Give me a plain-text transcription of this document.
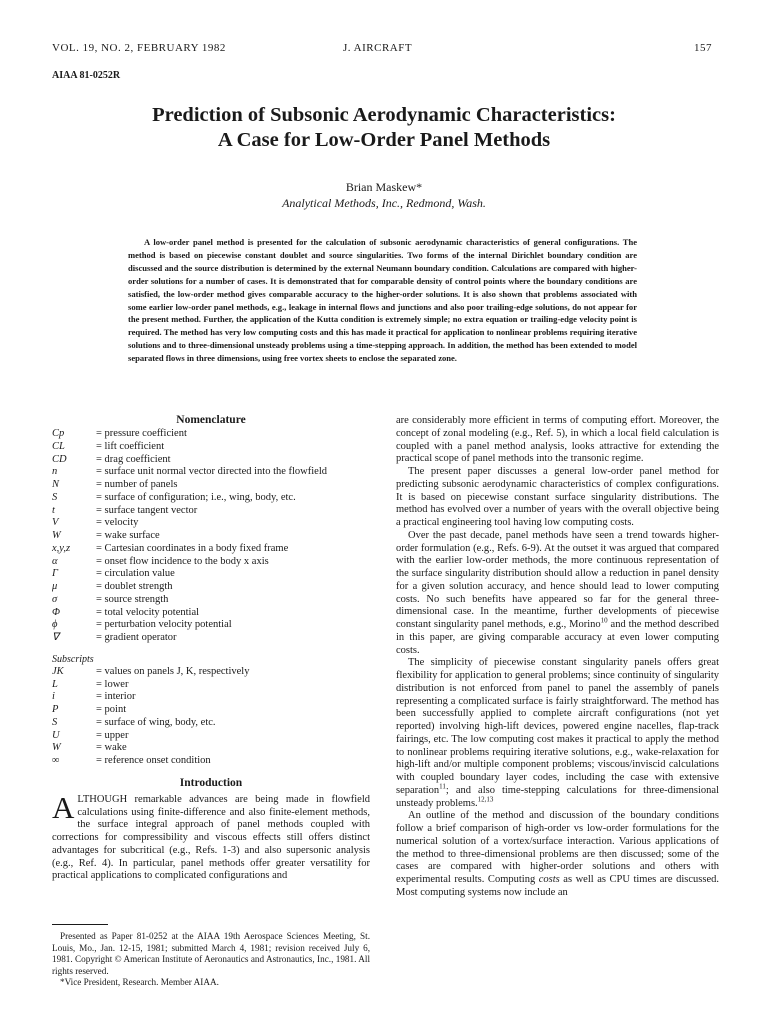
VOL. 19, NO. 2, FEBRUARY 1982	J. AIRCRAFT	157
AIAA 81-0252R
Prediction of Subsonic Aerodynamic Characteristics:
A Case for Low-Order Panel Methods
Brian Maskew*
Analytical Methods, Inc., Redmond, Wash.
A low-order panel method is presented for the calculation of subsonic aerodynamic characteristics of general configurations. The method is based on piecewise constant doublet and source singularities. Two forms of the internal Dirichlet boundary condition are discussed and the source distribution is determined by the external Neumann boundary condition. Calculations are compared with higher-order solutions for a number of cases. It is demonstrated that for comparable density of control points where the boundary conditions are satisfied, the low-order method gives comparable accuracy to the higher-order solutions. It is also shown that problems associated with some earlier low-order panel methods, e.g., leakage in internal flows and junctions and also poor trailing-edge solutions, do not appear for the present method. Further, the application of the Kutta condition is extremely simple; no extra equation or trailing-edge velocity point is required. The method has very low computing costs and this has made it practical for application to nonlinear problems requiring iterative solutions and to three-dimensional unsteady problems using a time-stepping approach. In addition, the method has been extended to model separated flows in three dimensions, using free vortex sheets to enclose the separated zone.
Nomenclature
Cp	= pressure coefficient
CL	= lift coefficient
CD	= drag coefficient
n	= surface unit normal vector directed into the flowfield
N	= number of panels
S	= surface of configuration; i.e., wing, body, etc.
t	= surface tangent vector
V	= velocity
W	= wake surface
x,y,z	= Cartesian coordinates in a body fixed frame
α	= onset flow incidence to the body x axis
Γ	= circulation value
μ	= doublet strength
σ	= source strength
Φ	= total velocity potential
ϕ	= perturbation velocity potential
∇	= gradient operator
Subscripts
JK	= values on panels J, K, respectively
L	= lower
i	= interior
P	= point
S	= surface of wing, body, etc.
U	= upper
W	= wake
∞	= reference onset condition
Introduction

ALTHOUGH remarkable advances are being made in flowfield calculations using finite-difference and also finite-element methods, the surface integral approach of panel methods coupled with corrections for compressibility and viscous effects still offers distinct advantages for subcritical (e.g., Refs. 1-3) and also supersonic analysis (e.g., Ref. 4). In particular, panel methods offer greater versatility for practical applications to complicated configurations and

Presented as Paper 81-0252 at the AIAA 19th Aerospace Sciences Meeting, St. Louis, Mo., Jan. 12-15, 1981; submitted March 4, 1981; revision received July 6, 1981. Copyright © American Institute of Aeronautics and Astronautics, Inc., 1981. All rights reserved.

*Vice President, Research. Member AIAA.

are considerably more efficient in terms of computing effort. Moreover, the concept of zonal modeling (e.g., Ref. 5), in which a local field calculation is coupled with a panel method analysis, looks attractive for extending the practical scope of panel methods into the transonic regime.

The present paper discusses a general low-order panel method for predicting subsonic aerodynamic characteristics of complex configurations. It is based on piecewise constant surface singularity distributions. The method has evolved over a number of years with the overall objective being a practical engineering tool having low computing costs.

Over the past decade, panel methods have seen a trend towards higher-order formulation (e.g., Refs. 6-9). At the outset it was argued that compared with the earlier low-order methods, the more continuous representation of the surface singularity distribution should allow a reduction in panel density for a given solution accuracy, and hence should lead to lower computing costs. No such benefits have appeared so far for the general three-dimensional case. In the meantime, further developments of piecewise constant singularity panel methods, e.g., Morino$^{10}$ and the method described in this paper, are giving comparable accuracy at even lower computing costs.

The simplicity of piecewise constant singularity panels offers great flexibility for application to general problems; since continuity of singularity distribution is not enforced from panel to panel the assembly of panels representing a complicated surface is fairly straightforward. The method has been successfully applied to complete aircraft configurations (not yet reported) involving high-lift devices, powered engine nacelles, flap-track fairings, etc. The low computing cost makes it practical to apply the method to nonlinear problems requiring iterative solutions, e.g., wake-relaxation for high-lift and/or multiple component problems; viscous/inviscid calculations with coupled boundary layer codes, including the case with extensive separation$^{11}$; and also time-stepping calculations for three-dimensional unsteady problems.$^{12,13}$

An outline of the method and discussion of the boundary conditions follow a brief comparison of high-order vs low-order formulations for the numerical solution of a vortex/surface interaction. Various applications of the method to three-dimensional problems are then discussed; some of the cases are compared with higher-order solutions and others with experimental results. Computing costs as well as CPU times are discussed. Most computing systems now include an
